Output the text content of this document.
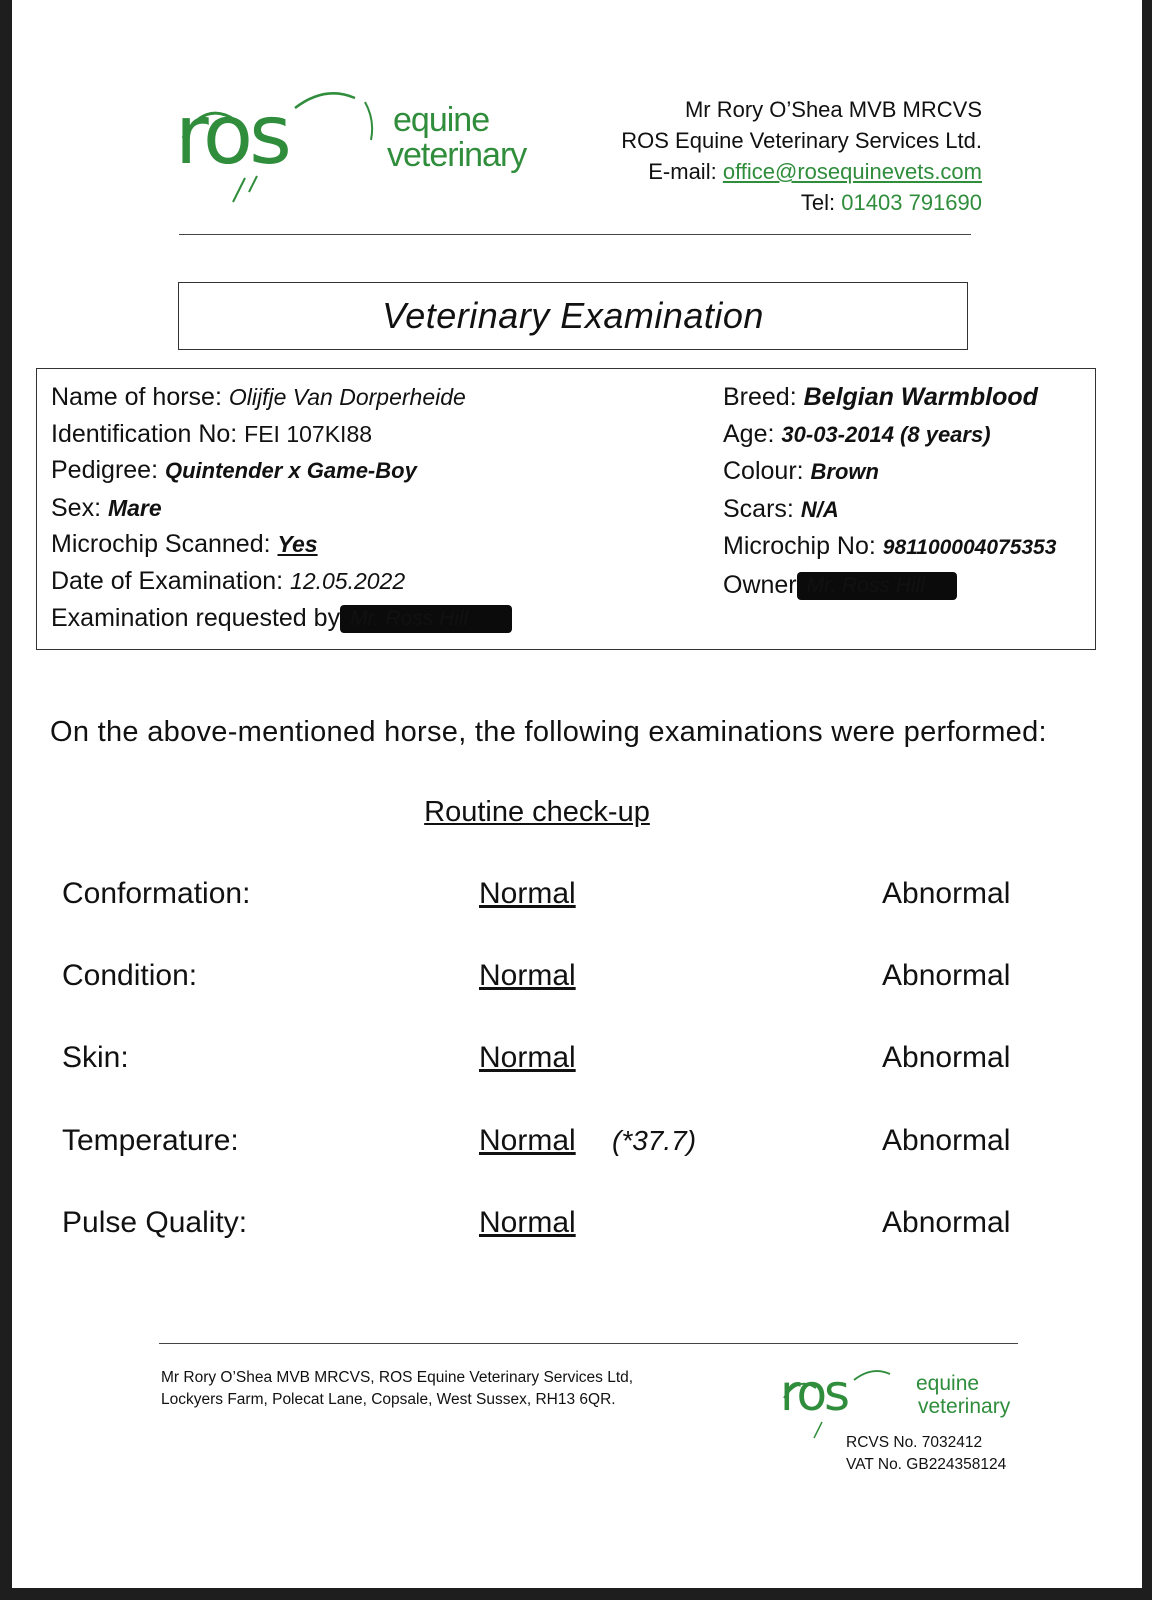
ros	equine
veterinary
Mr Rory O’Shea MVB MRCVS
ROS Equine Veterinary Services Ltd.
E-mail: office@rosequinevets.com
Tel: 01403 791690
Veterinary Examination
Name of horse: Olijfje Van Dorperheide
Identification No: FEI 107KI88
Pedigree: Quintender x Game-Boy
Sex: Mare
Microchip Scanned: Yes
Date of Examination: 12.05.2022
Examination requested by Mr. Ross Hill
Breed: Belgian Warmblood
Age: 30-03-2014 (8 years)
Colour: Brown
Scars: N/A
Microchip No: 981100004075353
Owner Mr. Ross Hill
On the above-mentioned horse, the following examinations were performed:
Routine check-up
Conformation:	Normal	Abnormal
Condition:	Normal	Abnormal
Skin:	Normal	Abnormal
Temperature:	Normal (*37.7)	Abnormal
Pulse Quality:	Normal	Abnormal
Mr Rory O’Shea MVB MRCVS, ROS Equine Veterinary Services Ltd,
Lockyers Farm, Polecat Lane, Copsale, West Sussex, RH13 6QR.	ros	equine
veterinary
RCVS No. 7032412
VAT No. GB224358124
